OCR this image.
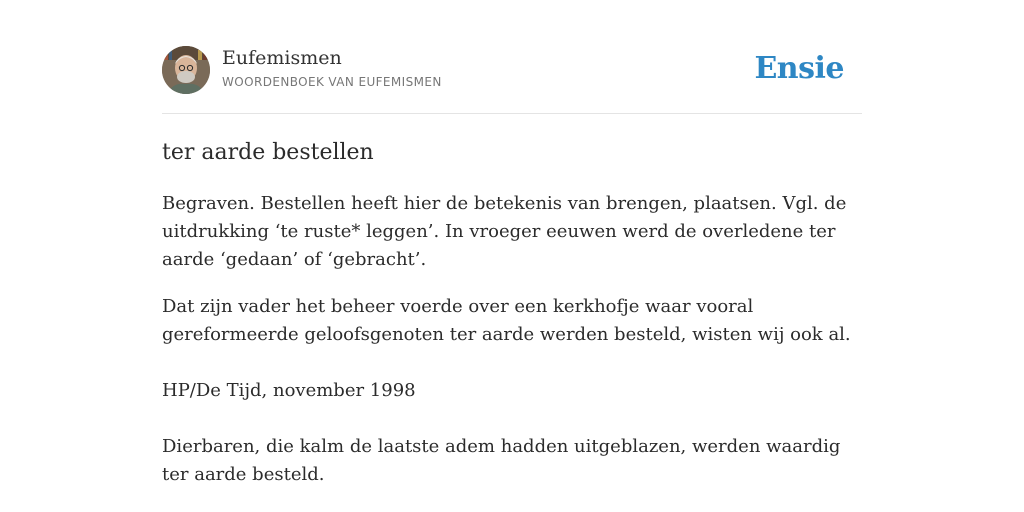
Eufemismen
WOORDENBOEK VAN EUFEMISMEN	Ensie
ter aarde bestellen

Begraven. Bestellen heeft hier de betekenis van brengen, plaatsen. Vgl. de uitdrukking ‘te ruste* leggen’. In vroeger eeuwen werd de overledene ter aarde ‘gedaan’ of ‘gebracht’.

Dat zijn vader het beheer voerde over een kerkhofje waar vooral gereformeerde geloofsgenoten ter aarde werden besteld, wisten wij ook al.

HP/De Tijd, november 1998

Dierbaren, die kalm de laatste adem hadden uitgeblazen, werden waardig ter aarde besteld.
